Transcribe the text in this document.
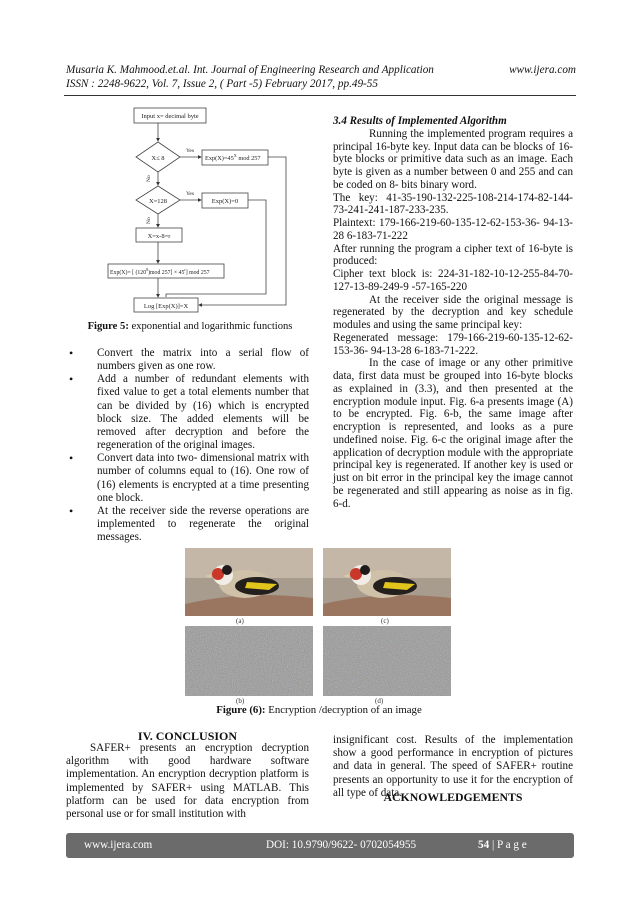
Musaria K. Mahmood.et.al. Int. Journal of Engineering Research and Application	www.ijera.com
ISSN : 2248-9622, Vol. 7, Issue 2, ( Part -5) February 2017, pp.49-55
Input x= decimal byte
X≤ 8
Yes
No
$Exp(X)=45^X$ mod 257
X=128
Yes
No
Exp(X)=0
X=x-8=r
Exp(X)= [ $(120^8)mod$ $257] \times 45^r$] mod 257
Log [Exp(X)]=X
Figure 5: exponential and logarithmic functions
• Convert the matrix into a serial flow of numbers given as one row.
• Add a number of redundant elements with fixed value to get a total elements number that can be divided by (16) which is encrypted block size. The added elements will be removed after decryption and before the regeneration of the original images.
• Convert data into two- dimensional matrix with number of columns equal to (16). One row of (16) elements is encrypted at a time presenting one block.
• At the receiver side the reverse operations are implemented to regenerate the original messages.

3.4 Results of Implemented Algorithm

Running the implemented program requires a principal 16-byte key. Input data can be blocks of 16-byte blocks or primitive data such as an image. Each byte is given as a number between 0 and 255 and can be coded on 8- bits binary word.

The key: 41-35-190-132-225-108-214-174-82-144-73-241-241-187-233-235.

Plaintext: 179-166-219-60-135-12-62-153-36- 94-13-28 6-183-71-222

After running the program a cipher text of 16-byte is produced:

Cipher text block is: 224-31-182-10-12-255-84-70-127-13-89-249-9 -57-165-220

At the receiver side the original message is regenerated by the decryption and key schedule modules and using the same principal key:

Regenerated message: 179-166-219-60-135-12-62-153-36- 94-13-28 6-183-71-222.

In the case of image or any other primitive data, first data must be grouped into 16-byte blocks as explained in (3.3), and then presented at the encryption module input. Fig. 6-a presents image (A) to be encrypted. Fig. 6-b, the same image after encryption is represented, and looks as a pure undefined noise. Fig. 6-c the original image after the application of decryption module with the appropriate principal key is regenerated. If another key is used or just on bit error in the principal key the image cannot be regenerated and still appearing as noise as in fig. 6-d.

(a)	(c)
(b)	(d)
Figure (6): Encryption /decryption of an image
IV. CONCLUSION
SAFER+ presents an encryption decryption algorithm with good hardware software implementation. An encryption decryption platform is implemented by SAFER+ using MATLAB. This platform can be used for data encryption from personal use or for small institution with
insignificant cost. Results of the implementation show a good performance in encryption of pictures and data in general. The speed of SAFER+ routine presents an opportunity to use it for the encryption of all type of data.
ACKNOWLEDGEMENTS
www.ijera.com	DOI: 10.9790/9622- 0702054955	54 | P a g e
